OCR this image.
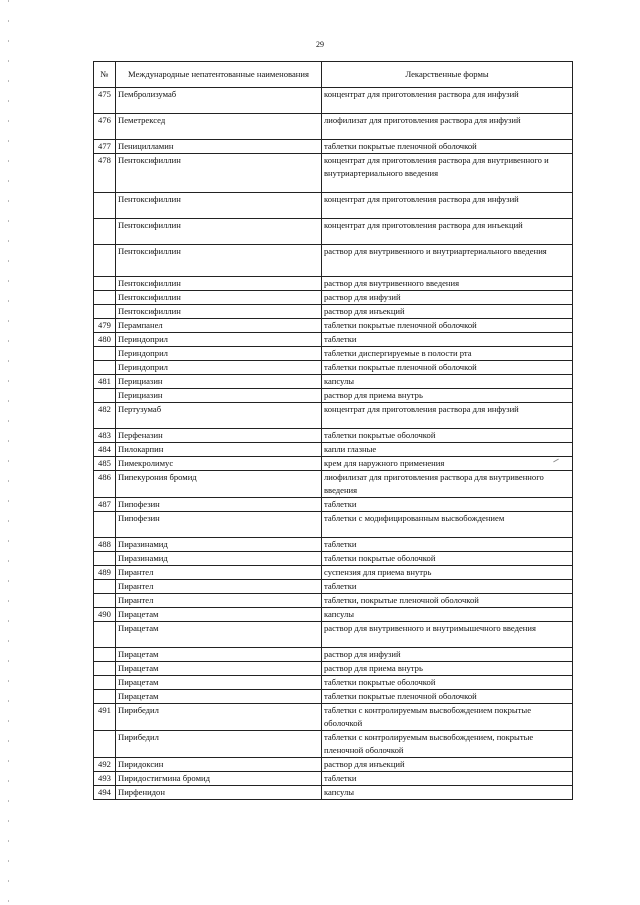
29
№	Международные непатентованные наименования	Лекарственные формы
475	Пембролизумаб	концентрат для приготовления раствора для инфузий
476	Пеметрексед	лиофилизат для приготовления раствора для инфузий
477	Пеницилламин	таблетки покрытые пленочной оболочкой
478	Пентоксифиллин	концентрат для приготовления раствора для внутривенного и внутриартериального введения
	Пентоксифиллин	концентрат для приготовления раствора для инфузий
	Пентоксифиллин	концентрат для приготовления раствора для инъекций
	Пентоксифиллин	раствор для внутривенного и внутриартериального введения
	Пентоксифиллин	раствор для внутривенного введения
	Пентоксифиллин	раствор для инфузий
	Пентоксифиллин	раствор для инъекций
479	Перампанел	таблетки покрытые пленочной оболочкой
480	Периндоприл	таблетки
	Периндоприл	таблетки диспергируемые в полости рта
	Периндоприл	таблетки покрытые пленочной оболочкой
481	Перициазин	капсулы
	Перициазин	раствор для приема внутрь
482	Пертузумаб	концентрат для приготовления раствора для инфузий
483	Перфеназин	таблетки покрытые оболочкой
484	Пилокарпин	капли глазные
485	Пимекролимус	крем для наружного применения
486	Пипекурония бромид	лиофилизат для приготовления раствора для внутривенного введения
487	Пипофезин	таблетки
	Пипофезин	таблетки с модифицированным высвобождением
488	Пиразинамид	таблетки
	Пиразинамид	таблетки покрытые оболочкой
489	Пирантел	суспензия для приема внутрь
	Пирантел	таблетки
	Пирантел	таблетки, покрытые пленочной оболочкой
490	Пирацетам	капсулы
	Пирацетам	раствор для внутривенного и внутримышечного введения
	Пирацетам	раствор для инфузий
	Пирацетам	раствор для приема внутрь
	Пирацетам	таблетки покрытые оболочкой
	Пирацетам	таблетки покрытые пленочной оболочкой
491	Пирибедил	таблетки с контролируемым высвобождением покрытые оболочкой
	Пирибедил	таблетки с контролируемым высвобождением, покрытые пленочной оболочкой
492	Пиридоксин	раствор для инъекций
493	Пиридостигмина бромид	таблетки
494	Пирфенидон	капсулы
